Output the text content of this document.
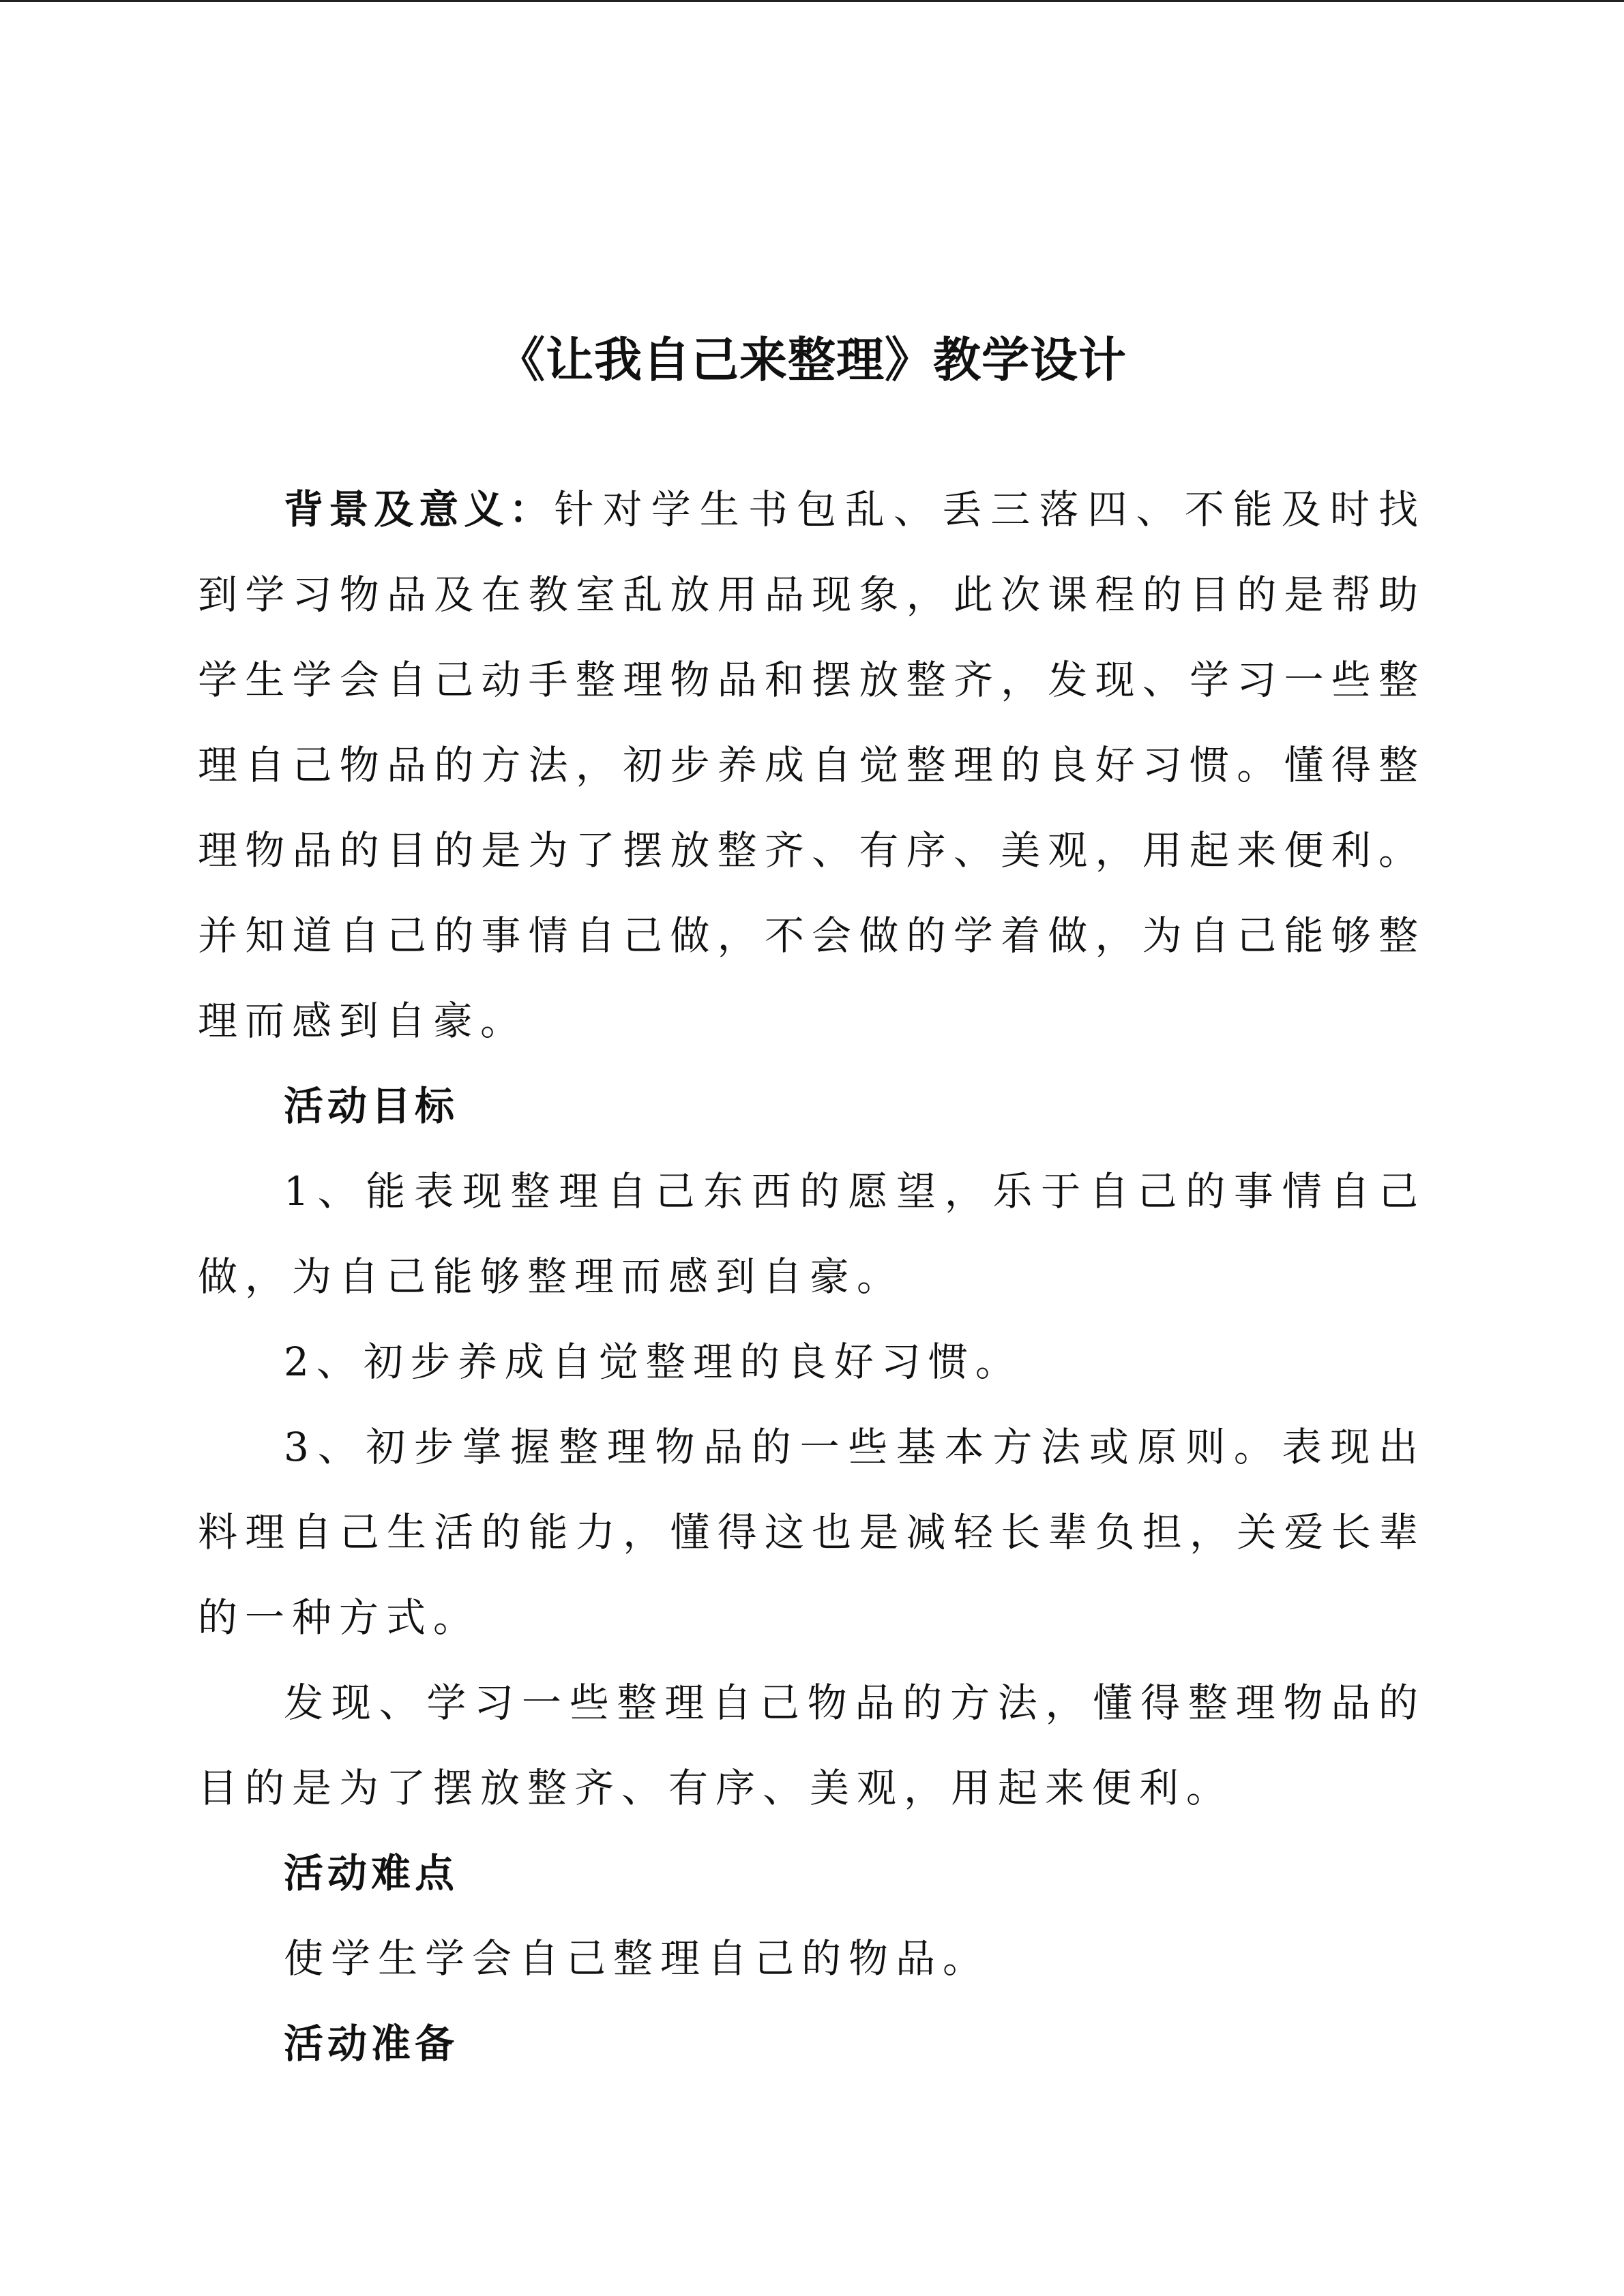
《让我自己来整理》教学设计

背景及意义：针对学生书包乱、丢三落四、不能及时找到学习物品及在教室乱放用品现象，此次课程的目的是帮助学生学会自己动手整理物品和摆放整齐，发现、学习一些整理自己物品的方法，初步养成自觉整理的良好习惯。懂得整理物品的目的是为了摆放整齐、有序、美观，用起来便利。并知道自己的事情自己做，不会做的学着做，为自己能够整理而感到自豪。

活动目标

1、能表现整理自己东西的愿望，乐于自己的事情自己做，为自己能够整理而感到自豪。

2、初步养成自觉整理的良好习惯。

3、初步掌握整理物品的一些基本方法或原则。表现出料理自己生活的能力，懂得这也是减轻长辈负担，关爱长辈的一种方式。

发现、学习一些整理自己物品的方法，懂得整理物品的目的是为了摆放整齐、有序、美观，用起来便利。

活动难点

使学生学会自己整理自己的物品。

活动准备
